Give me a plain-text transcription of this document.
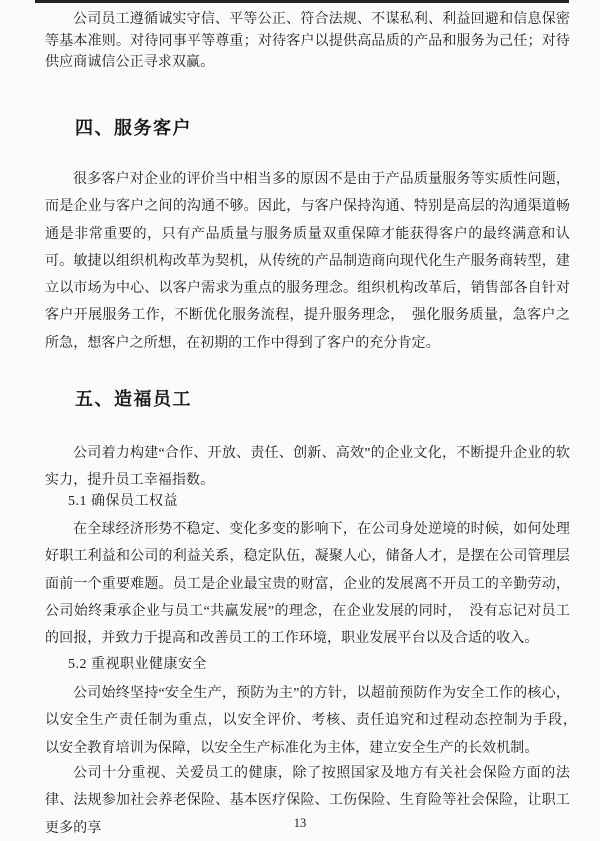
公司员工遵循诚实守信、平等公正、符合法规、不谋私利、利益回避和信息保密等基本准则。对待同事平等尊重；对待客户以提供高品质的产品和服务为己任；对待供应商诚信公正寻求双赢。
四、服务客户
很多客户对企业的评价当中相当多的原因不是由于产品质量服务等实质性问题，而是企业与客户之间的沟通不够。因此，与客户保持沟通、特别是高层的沟通渠道畅通是非常重要的，只有产品质量与服务质量双重保障才能获得客户的最终满意和认可。敏捷以组织机构改革为契机，从传统的产品制造商向现代化生产服务商转型，建立以市场为中心、以客户需求为重点的服务理念。组织机构改革后，销售部各自针对客户开展服务工作，不断优化服务流程，提升服务理念，　强化服务质量，急客户之所急，想客户之所想，在初期的工作中得到了客户的充分肯定。
五、造福员工
公司着力构建“合作、开放、责任、创新、高效”的企业文化，不断提升企业的软实力，提升员工幸福指数。
5.1 确保员工权益
在全球经济形势不稳定、变化多变的影响下，在公司身处逆境的时候，如何处理好职工利益和公司的利益关系，稳定队伍，凝聚人心，储备人才，是摆在公司管理层面前一个重要难题。员工是企业最宝贵的财富，企业的发展离不开员工的辛勤劳动，公司始终秉承企业与员工“共赢发展”的理念，在企业发展的同时，　没有忘记对员工的回报，并致力于提高和改善员工的工作环境，职业发展平台以及合适的收入。
5.2 重视职业健康安全
公司始终坚持“安全生产，预防为主”的方针，以超前预防作为安全工作的核心，以安全生产责任制为重点，以安全评价、考核、责任追究和过程动态控制为手段，　以安全教育培训为保障，以安全生产标准化为主体，建立安全生产的长效机制。
公司十分重视、关爱员工的健康，除了按照国家及地方有关社会保险方面的法律、法规参加社会养老保险、基本医疗保险、工伤保险、生育险等社会保险，让职工更多的享	13
